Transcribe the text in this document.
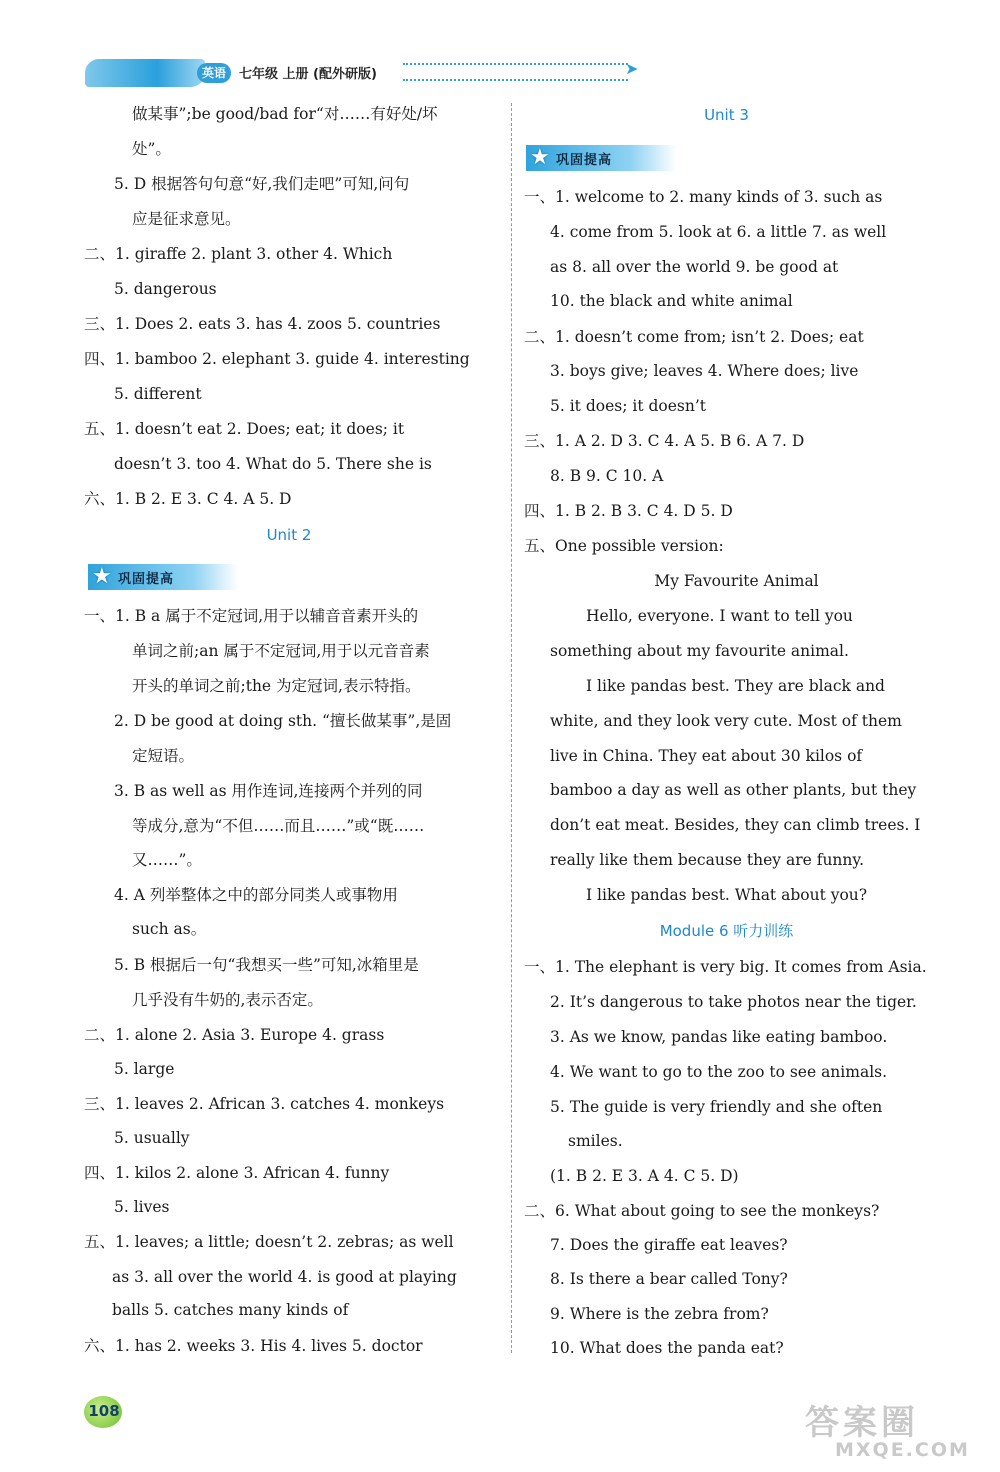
英语	七年级 上册 (配外研版)	➤
做某事”;be good/bad for“对……有好处/坏
处”。
5. D 根据答句句意“好,我们走吧”可知,问句
应是征求意见。
二、1. giraffe 2. plant 3. other 4. Which
5. dangerous
三、1. Does 2. eats 3. has 4. zoos 5. countries
四、1. bamboo 2. elephant 3. guide 4. interesting
5. different
五、1. doesn’t eat 2. Does; eat; it does; it
doesn’t 3. too 4. What do 5. There she is
六、1. B 2. E 3. C 4. A 5. D
Unit 2
★ 巩固提高
一、1. B a 属于不定冠词,用于以辅音音素开头的
单词之前;an 属于不定冠词,用于以元音音素
开头的单词之前;the 为定冠词,表示特指。
2. D be good at doing sth. “擅长做某事”,是固
定短语。
3. B as well as 用作连词,连接两个并列的同
等成分,意为“不但……而且……”或“既……
又……”。
4. A 列举整体之中的部分同类人或事物用
such as。
5. B 根据后一句“我想买一些”可知,冰箱里是
几乎没有牛奶的,表示否定。
二、1. alone 2. Asia 3. Europe 4. grass
5. large
三、1. leaves 2. African 3. catches 4. monkeys
5. usually
四、1. kilos 2. alone 3. African 4. funny
5. lives
五、1. leaves; a little; doesn’t 2. zebras; as well
as 3. all over the world 4. is good at playing
balls 5. catches many kinds of
六、1. has 2. weeks 3. His 4. lives 5. doctor
Unit 3
★ 巩固提高
一、1. welcome to 2. many kinds of 3. such as
4. come from 5. look at 6. a little 7. as well
as 8. all over the world 9. be good at
10. the black and white animal
二、1. doesn’t come from; isn’t 2. Does; eat
3. boys give; leaves 4. Where does; live
5. it does; it doesn’t
三、1. A 2. D 3. C 4. A 5. B 6. A 7. D
8. B 9. C 10. A
四、1. B 2. B 3. C 4. D 5. D
五、One possible version:
My Favourite Animal
Hello, everyone. I want to tell you
something about my favourite animal.
I like pandas best. They are black and
white, and they look very cute. Most of them
live in China. They eat about 30 kilos of
bamboo a day as well as other plants, but they
don’t eat meat. Besides, they can climb trees. I
really like them because they are funny.
I like pandas best. What about you?
Module 6 听力训练
一、1. The elephant is very big. It comes from Asia.
2. It’s dangerous to take photos near the tiger.
3. As we know, pandas like eating bamboo.
4. We want to go to the zoo to see animals.
5. The guide is very friendly and she often
smiles.
(1. B 2. E 3. A 4. C 5. D)
二、6. What about going to see the monkeys?
7. Does the giraffe eat leaves?
8. Is there a bear called Tony?
9. Where is the zebra from?
10. What does the panda eat?
108	答案圈
MXQE.COM
